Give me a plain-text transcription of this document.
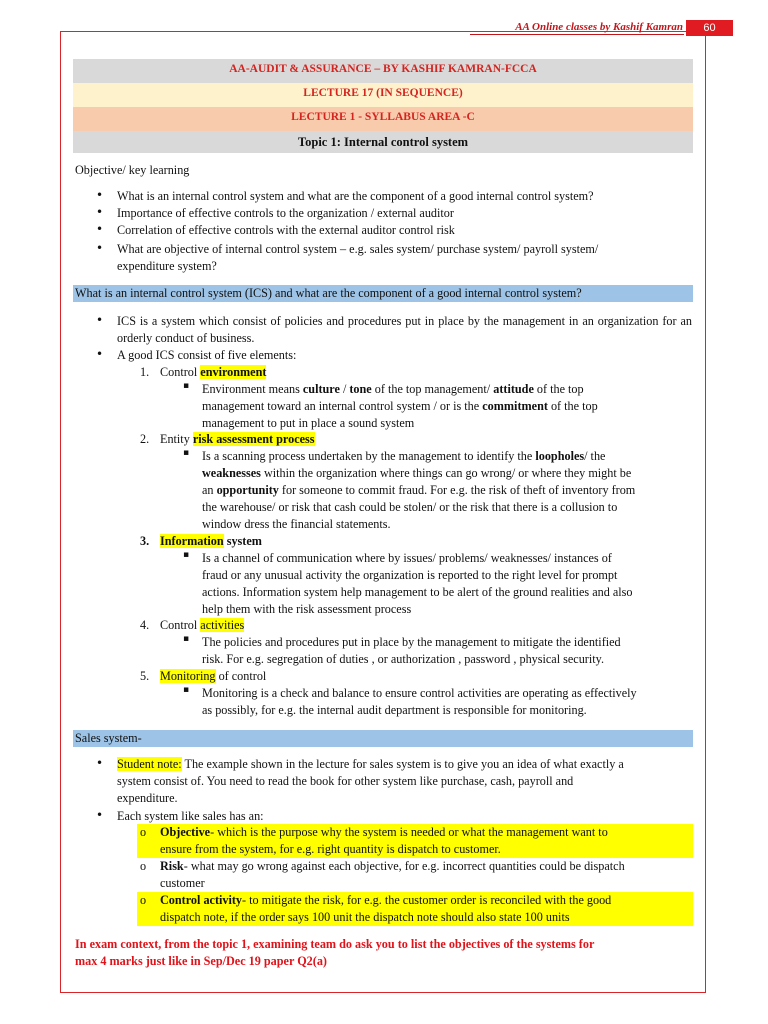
AA Online classes by Kashif Kamran	60
AA-AUDIT & ASSURANCE – BY KASHIF KAMRAN-FCCA
LECTURE 17 (IN SEQUENCE)
LECTURE 1 - SYLLABUS AREA -C
Topic 1: Internal control system
Objective/ key learning
• What is an internal control system and what are the component of a good internal control system?
• Importance of effective controls to the organization / external auditor
• Correlation of effective controls with the external auditor control risk
• What are objective of internal control system – e.g. sales system/ purchase system/ payroll system/
expenditure system?
What is an internal control system (ICS) and what are the component of a good internal control system?
• ICS is a system which consist of policies and procedures put in place by the management in an organization for an orderly conduct of business.
• A good ICS consist of five elements:
1. Control environment
▪ Environment means culture / tone of the top management/ attitude of the top
management toward an internal control system / or is the commitment of the top
management to put in place a sound system
2. Entity risk assessment process
▪ Is a scanning process undertaken by the management to identify the loopholes/ the
weaknesses within the organization where things can go wrong/ or where they might be
an opportunity for someone to commit fraud. For e.g. the risk of theft of inventory from
the warehouse/ or risk that cash could be stolen/ or the risk that there is a collusion to
window dress the financial statements.
3. Information system
▪ Is a channel of communication where by issues/ problems/ weaknesses/ instances of
fraud or any unusual activity the organization is reported to the right level for prompt
actions. Information system help management to be alert of the ground realities and also
help them with the risk assessment process
4. Control activities
▪ The policies and procedures put in place by the management to mitigate the identified
risk. For e.g. segregation of duties , or authorization , password , physical security.
5. Monitoring of control
▪ Monitoring is a check and balance to ensure control activities are operating as effectively
as possibly, for e.g. the internal audit department is responsible for monitoring.
Sales system-
• Student note: The example shown in the lecture for sales system is to give you an idea of what exactly a
system consist of. You need to read the book for other system like purchase, cash, payroll and
expenditure.
• Each system like sales has an:
o Objective- which is the purpose why the system is needed or what the management want to
ensure from the system, for e.g. right quantity is dispatch to customer.
o Risk- what may go wrong against each objective, for e.g. incorrect quantities could be dispatch
customer
o Control activity- to mitigate the risk, for e.g. the customer order is reconciled with the good
dispatch note, if the order says 100 unit the dispatch note should also state 100 units
In exam context, from the topic 1, examining team do ask you to list the objectives of the systems for
max 4 marks just like in Sep/Dec 19 paper Q2(a)
